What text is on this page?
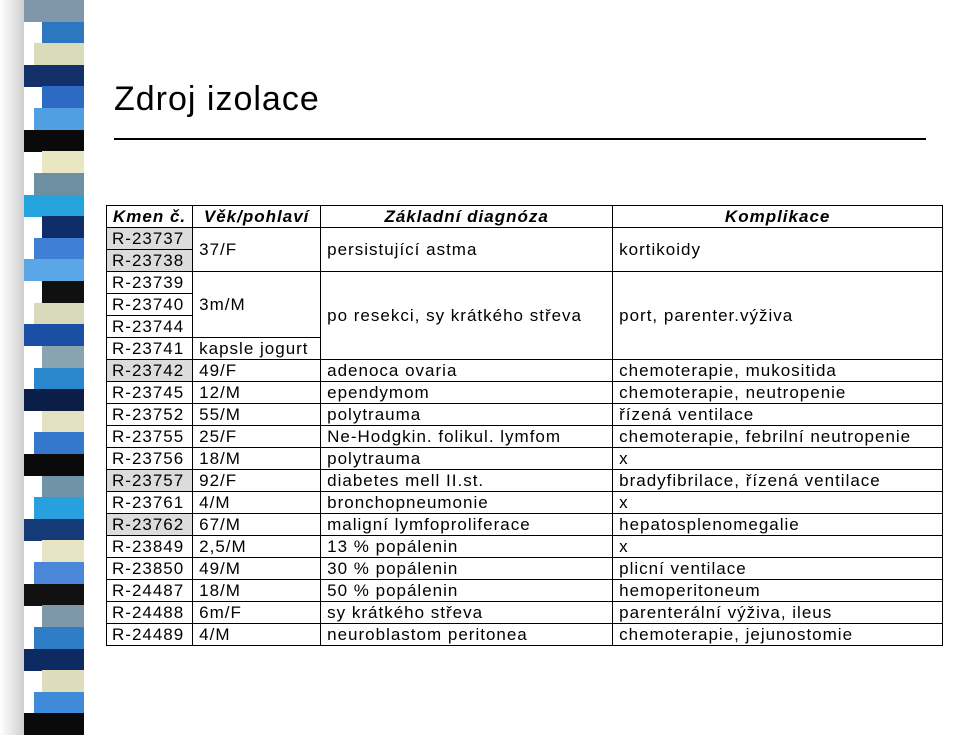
Zdroj izolace
Kmen č.	Věk/pohlaví	Základní diagnóza	Komplikace
R-23737	37/F	persistující astma	kortikoidy
R-23738			
R-23739	3m/M	po resekci, sy krátkého střeva	port, parenter.výživa
R-23740			
R-23744			
R-23741	kapsle jogurt		
R-23742	49/F	adenoca ovaria	chemoterapie, mukositida
R-23745	12/M	ependymom	chemoterapie, neutropenie
R-23752	55/M	polytrauma	řízená ventilace
R-23755	25/F	Ne-Hodgkin. folikul. lymfom	chemoterapie, febrilní neutropenie
R-23756	18/M	polytrauma	x
R-23757	92/F	diabetes mell II.st.	bradyfibrilace, řízená ventilace
R-23761	4/M	bronchopneumonie	x
R-23762	67/M	maligní lymfoproliferace	hepatosplenomegalie
R-23849	2,5/M	13 % popálenin	x
R-23850	49/M	30 % popálenin	plicní ventilace
R-24487	18/M	50 % popálenin	hemoperitoneum
R-24488	6m/F	sy krátkého střeva	parenterální výživa, ileus
R-24489	4/M	neuroblastom peritonea	chemoterapie, jejunostomie
